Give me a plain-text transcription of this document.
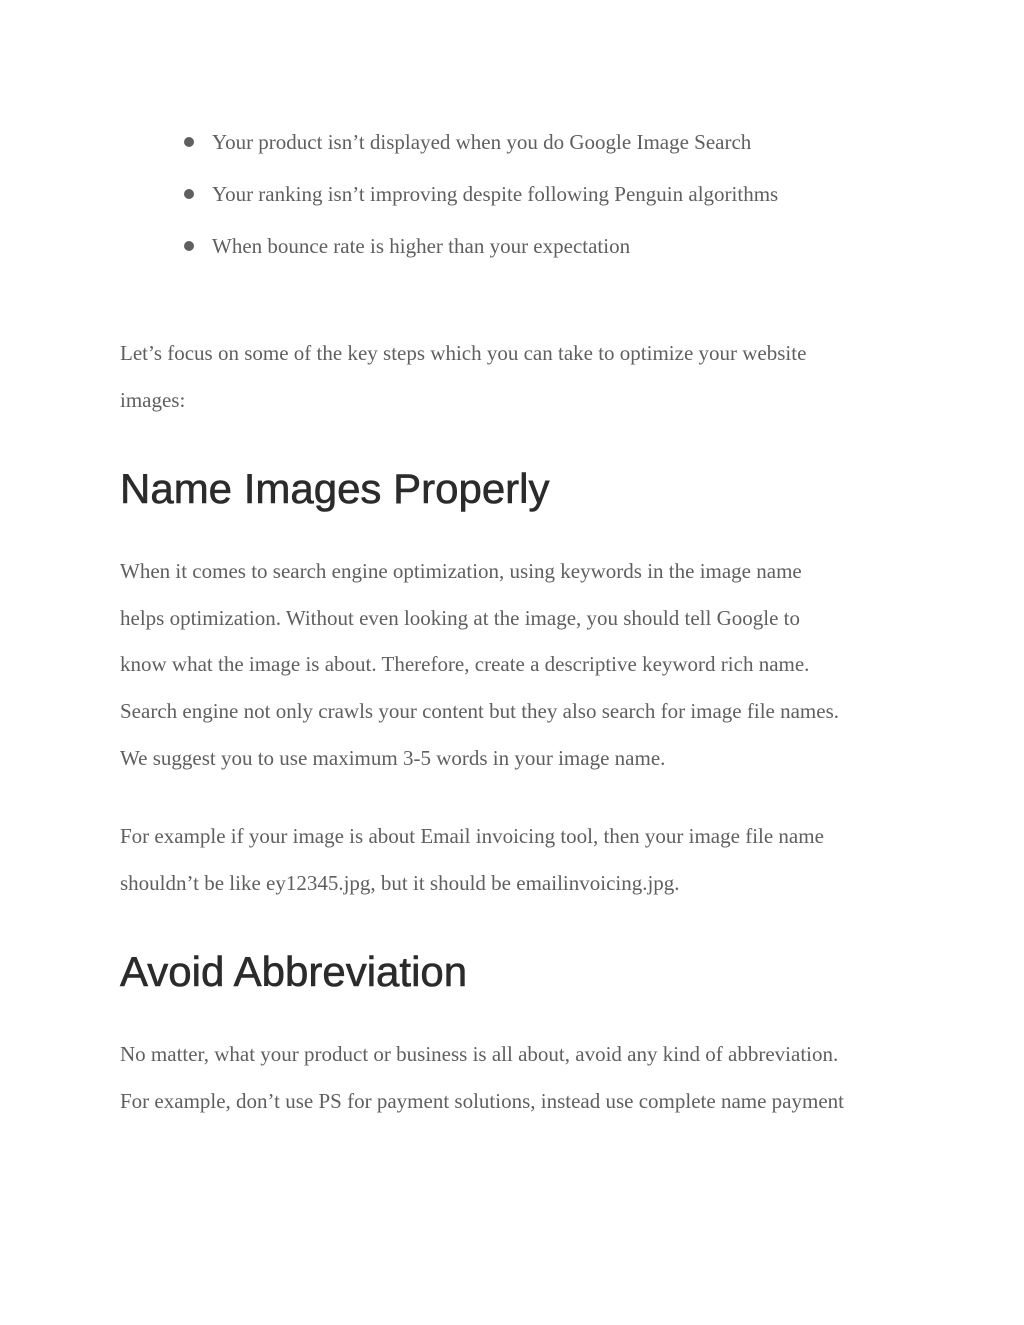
Your product isn’t displayed when you do Google Image Search
Your ranking isn’t improving despite following Penguin algorithms
When bounce rate is higher than your expectation

Let’s focus on some of the key steps which you can take to optimize your website
images:

Name Images Properly

When it comes to search engine optimization, using keywords in the image name
helps optimization. Without even looking at the image, you should tell Google to
know what the image is about. Therefore, create a descriptive keyword rich name.
Search engine not only crawls your content but they also search for image file names.
We suggest you to use maximum 3-5 words in your image name.

For example if your image is about Email invoicing tool, then your image file name
shouldn’t be like ey12345.jpg, but it should be emailinvoicing.jpg.

Avoid Abbreviation

No matter, what your product or business is all about, avoid any kind of abbreviation.
For example, don’t use PS for payment solutions, instead use complete name payment
